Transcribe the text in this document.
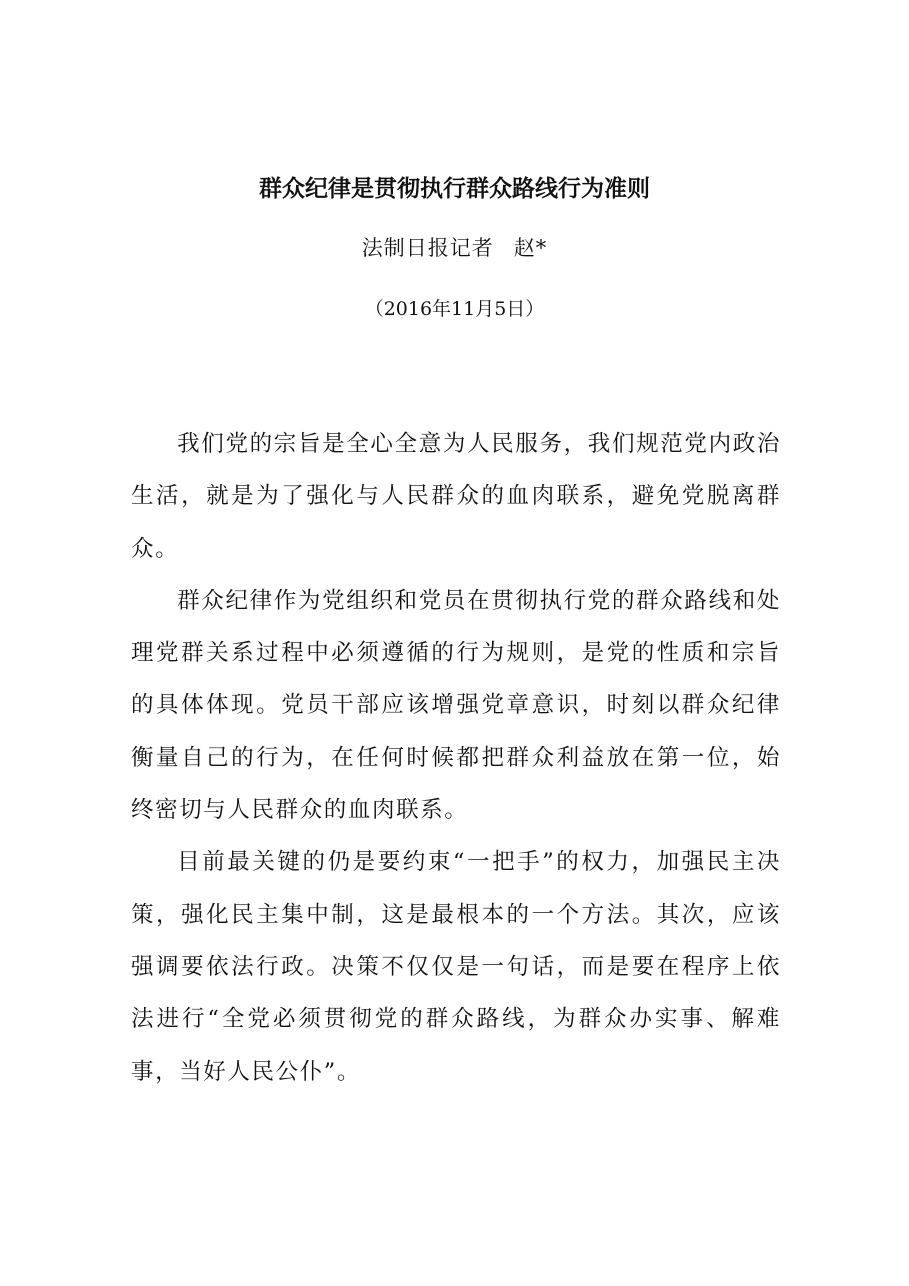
群众纪律是贯彻执行群众路线行为准则
法制日报记者 赵*
（2016年11月5日）

我们党的宗旨是全心全意为人民服务，我们规范党内政治生活，就是为了强化与人民群众的血肉联系，避免党脱离群众。

群众纪律作为党组织和党员在贯彻执行党的群众路线和处理党群关系过程中必须遵循的行为规则，是党的性质和宗旨的具体体现。党员干部应该增强党章意识，时刻以群众纪律衡量自己的行为，在任何时候都把群众利益放在第一位，始终密切与人民群众的血肉联系。

目前最关键的仍是要约束“一把手”的权力，加强民主决策，强化民主集中制，这是最根本的一个方法。其次，应该强调要依法行政。决策不仅仅是一句话，而是要在程序上依法进行“全党必须贯彻党的群众路线，为群众办实事、解难事，当好人民公仆”。
